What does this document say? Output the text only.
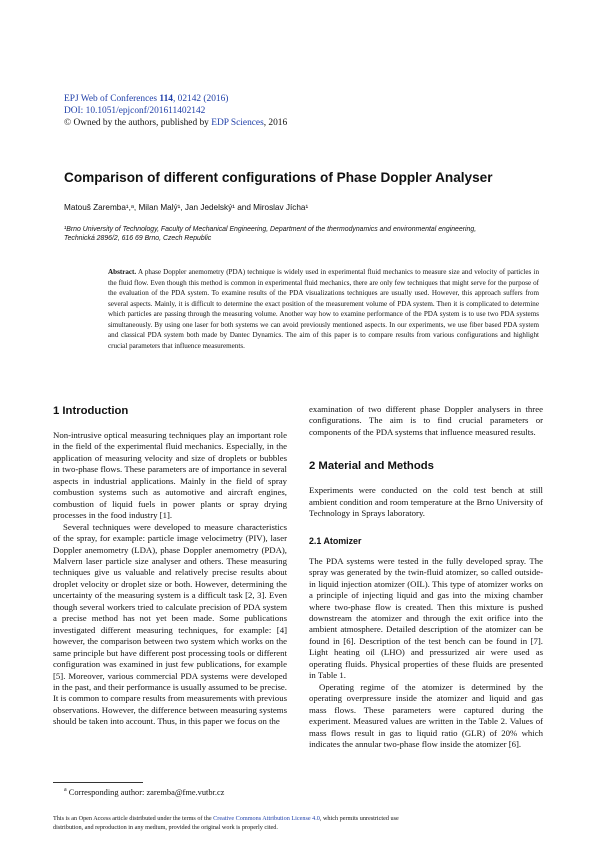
EPJ Web of Conferences 114, 02142 (2016)
DOI: 10.1051/epjconf/201611402142
© Owned by the authors, published by EDP Sciences, 2016
Comparison of different configurations of Phase Doppler Analyser
Matouš Zaremba¹,ᵃ, Milan Malý¹, Jan Jedelský¹ and Miroslav Jícha¹
¹Brno University of Technology, Faculty of Mechanical Engineering, Department of the thermodynamics and environmental engineering,
Technická 2896/2, 616 69 Brno, Czech Republic
Abstract. A phase Doppler anemometry (PDA) technique is widely used in experimental fluid mechanics to measure size and velocity of particles in the fluid flow. Even though this method is common in experimental fluid mechanics, there are only few techniques that might serve for the purpose of the evaluation of the PDA system. To examine results of the PDA visualizations techniques are usually used. However, this approach suffers from several aspects. Mainly, it is difficult to determine the exact position of the measurement volume of PDA system. Then it is complicated to determine which particles are passing through the measuring volume. Another way how to examine performance of the PDA system is to use two PDA systems simultaneously. By using one laser for both systems we can avoid previously mentioned aspects. In our experiments, we use fiber based PDA system and classical PDA system both made by Dantec Dynamics. The aim of this paper is to compare results from various configurations and highlight crucial parameters that influence measurements.
1 Introduction

Non-intrusive optical measuring techniques play an important role in the field of the experimental fluid mechanics. Especially, in the application of measuring velocity and size of droplets or bubbles in two-phase flows. These parameters are of importance in several aspects in industrial applications. Mainly in the field of spray combustion systems such as automotive and aircraft engines, combustion of liquid fuels in power plants or spray drying processes in the food industry [1].

Several techniques were developed to measure characteristics of the spray, for example: particle image velocimetry (PIV), laser Doppler anemometry (LDA), phase Doppler anemometry (PDA), Malvern laser particle size analyser and others. These measuring techniques give us valuable and relatively precise results about droplet velocity or droplet size or both. However, determining the uncertainty of the measuring system is a difficult task [2, 3]. Even though several workers tried to calculate precision of PDA system a precise method has not yet been made. Some publications investigated different measuring techniques, for example: [4] however, the comparison between two system which works on the same principle but have different post processing tools or different configuration was examined in just few publications, for example [5]. Moreover, various commercial PDA systems were developed in the past, and their performance is usually assumed to be precise. It is common to compare results from measurements with previous observations. However, the difference between measuring systems should be taken into account. Thus, in this paper we focus on the

examination of two different phase Doppler analysers in three configurations. The aim is to find crucial parameters or components of the PDA systems that influence measured results.

2 Material and Methods

Experiments were conducted on the cold test bench at still ambient condition and room temperature at the Brno University of Technology in Sprays laboratory.

2.1 Atomizer

The PDA systems were tested in the fully developed spray. The spray was generated by the twin-fluid atomizer, so called outside-in liquid injection atomizer (OIL). This type of atomizer works on a principle of injecting liquid and gas into the mixing chamber where two-phase flow is created. Then this mixture is pushed downstream the atomizer and through the exit orifice into the ambient atmosphere. Detailed description of the atomizer can be found in [6]. Description of the test bench can be found in [7]. Light heating oil (LHO) and pressurized air were used as operating fluids. Physical properties of these fluids are presented in Table 1.

Operating regime of the atomizer is determined by the operating overpressure inside the atomizer and liquid and gas mass flows. These parameters were captured during the experiment. Measured values are written in the Table 2. Values of mass flows result in gas to liquid ratio (GLR) of 20% which indicates the annular two-phase flow inside the atomizer [6].

$^a$ Corresponding author: zaremba@fme.vutbr.cz
This is an Open Access article distributed under the terms of the Creative Commons Attribution License 4.0, which permits unrestricted use
distribution, and reproduction in any medium, provided the original work is properly cited.
